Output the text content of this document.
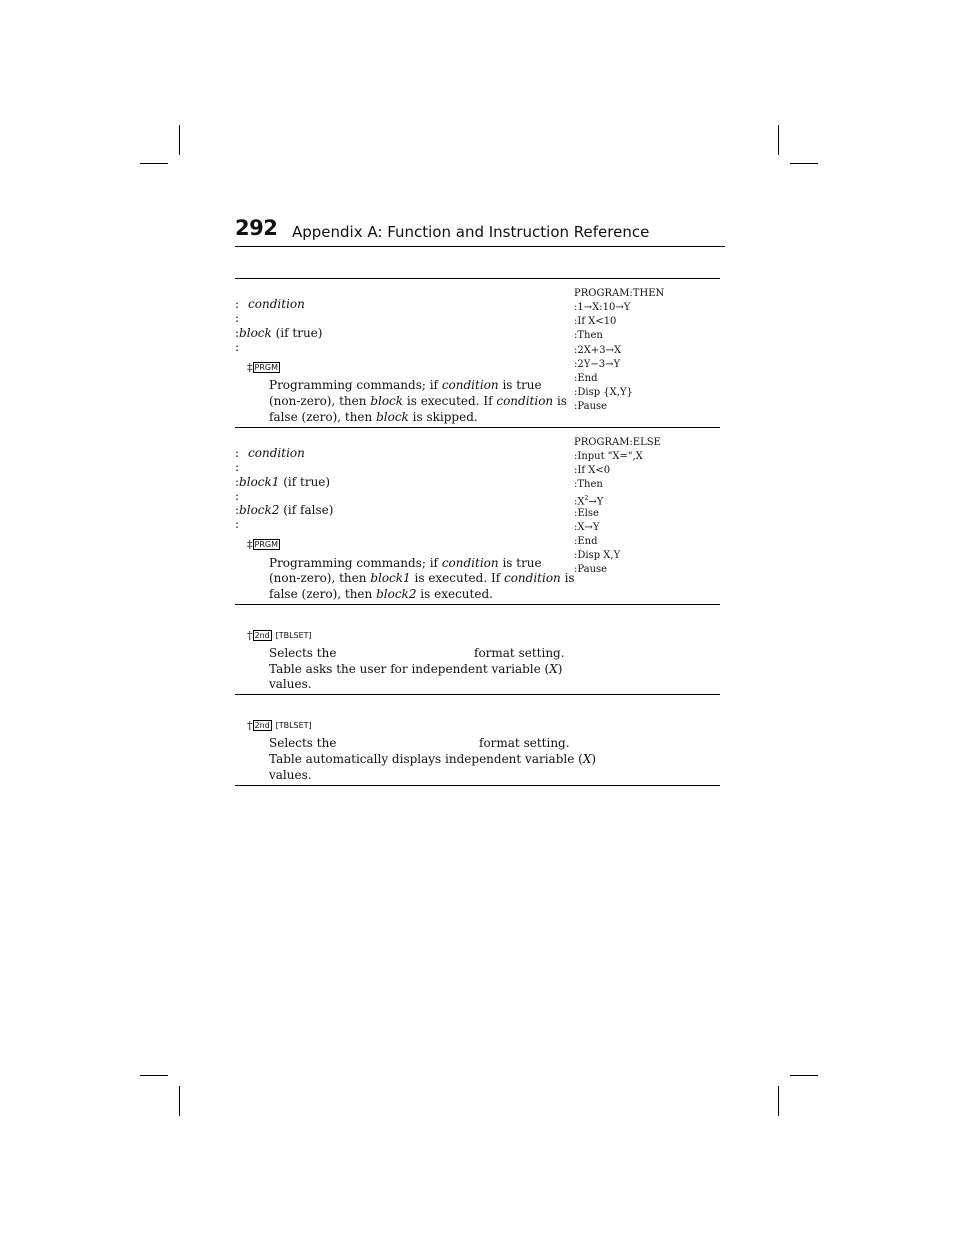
292 Appendix A: Function and Instruction Reference
: condition
:
:block (if true)
:
‡ PRGM
Programming commands; if condition is true
(non-zero), then block is executed. If condition is
false (zero), then block is skipped.
PROGRAM:THEN
:1→X:10→Y
:If X<10
:Then
:2X+3→X
:2Y−3→Y
:End
:Disp {X,Y}
:Pause
: condition
:
:block1 (if true)
:
:block2 (if false)
:
‡ PRGM
Programming commands; if condition is true
(non-zero), then block1 is executed. If condition is
false (zero), then block2 is executed.
PROGRAM:ELSE
:Input "X=",X
:If X<0
:Then
$:X^2\to Y$
:Else
:X→Y
:End
:Disp X,Y
:Pause
† 2nd [TBLSET]
Selects the	format setting.
Table asks the user for independent variable (X)
values.
† 2nd [TBLSET]
Selects the	format setting.
Table automatically displays independent variable (X)
values.
